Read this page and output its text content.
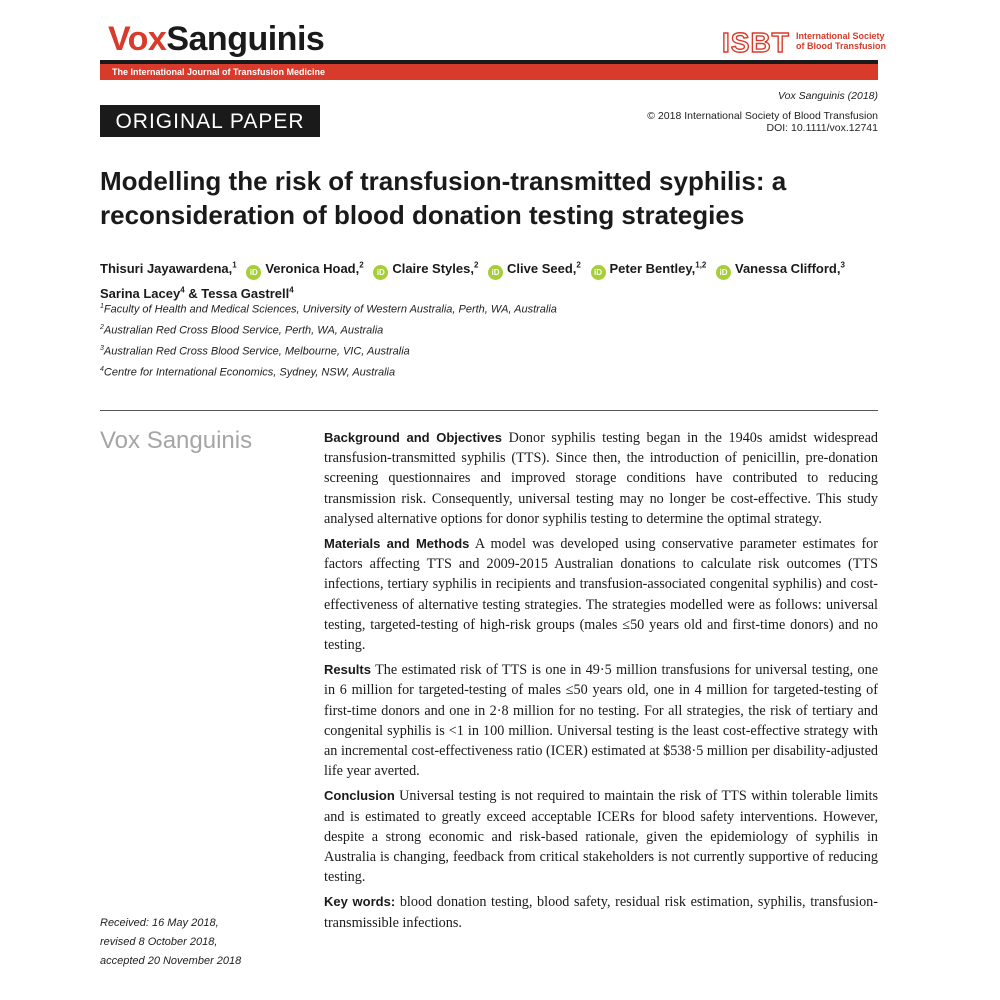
VoxSanguinis	ISBT International Society
of Blood Transfusion
The International Journal of Transfusion Medicine
Vox Sanguinis (2018)
© 2018 International Society of Blood Transfusion
DOI: 10.1111/vox.12741
ORIGINAL PAPER
Modelling the risk of transfusion-transmitted syphilis: a reconsideration of blood donation testing strategies
Thisuri Jayawardena,$^1$ iD Veronica Hoad,$^2$ iD Claire Styles,$^2$ iD Clive Seed,$^2$ iD Peter Bentley,$^{1,2}$ iD Vanessa Clifford,$^3$
Sarina Lacey$^4$ & Tessa Gastrell$^4$
$^1$Faculty of Health and Medical Sciences, University of Western Australia, Perth, WA, Australia
$^2$Australian Red Cross Blood Service, Perth, WA, Australia
$^3$Australian Red Cross Blood Service, Melbourne, VIC, Australia
$^4$Centre for International Economics, Sydney, NSW, Australia
Vox Sanguinis
Received: 16 May 2018,
revised 8 October 2018,
accepted 20 November 2018

Background and Objectives Donor syphilis testing began in the 1940s amidst widespread transfusion-transmitted syphilis (TTS). Since then, the introduction of penicillin, pre-donation screening questionnaires and improved storage conditions have contributed to reducing transmission risk. Consequently, universal testing may no longer be cost-effective. This study analysed alternative options for donor syphilis testing to determine the optimal strategy.

Materials and Methods A model was developed using conservative parameter estimates for factors affecting TTS and 2009-2015 Australian donations to calculate risk outcomes (TTS infections, tertiary syphilis in recipients and transfusion-associated congenital syphilis) and cost-effectiveness of alternative testing strategies. The strategies modelled were as follows: universal testing, targeted-testing of high-risk groups (males ≤50 years old and first-time donors) and no testing.

Results The estimated risk of TTS is one in 49·5 million transfusions for universal testing, one in 6 million for targeted-testing of males ≤50 years old, one in 4 million for targeted-testing of first-time donors and one in 2·8 million for no testing. For all strategies, the risk of tertiary and congenital syphilis is <1 in 100 million. Universal testing is the least cost-effective strategy with an incremental cost-effectiveness ratio (ICER) estimated at $538·5 million per disability-adjusted life year averted.

Conclusion Universal testing is not required to maintain the risk of TTS within tolerable limits and is estimated to greatly exceed acceptable ICERs for blood safety interventions. However, despite a strong economic and risk-based rationale, given the epidemiology of syphilis in Australia is changing, feedback from critical stakeholders is not currently supportive of reducing testing.

Key words: blood donation testing, blood safety, residual risk estimation, syphilis, transfusion-transmissible infections.
